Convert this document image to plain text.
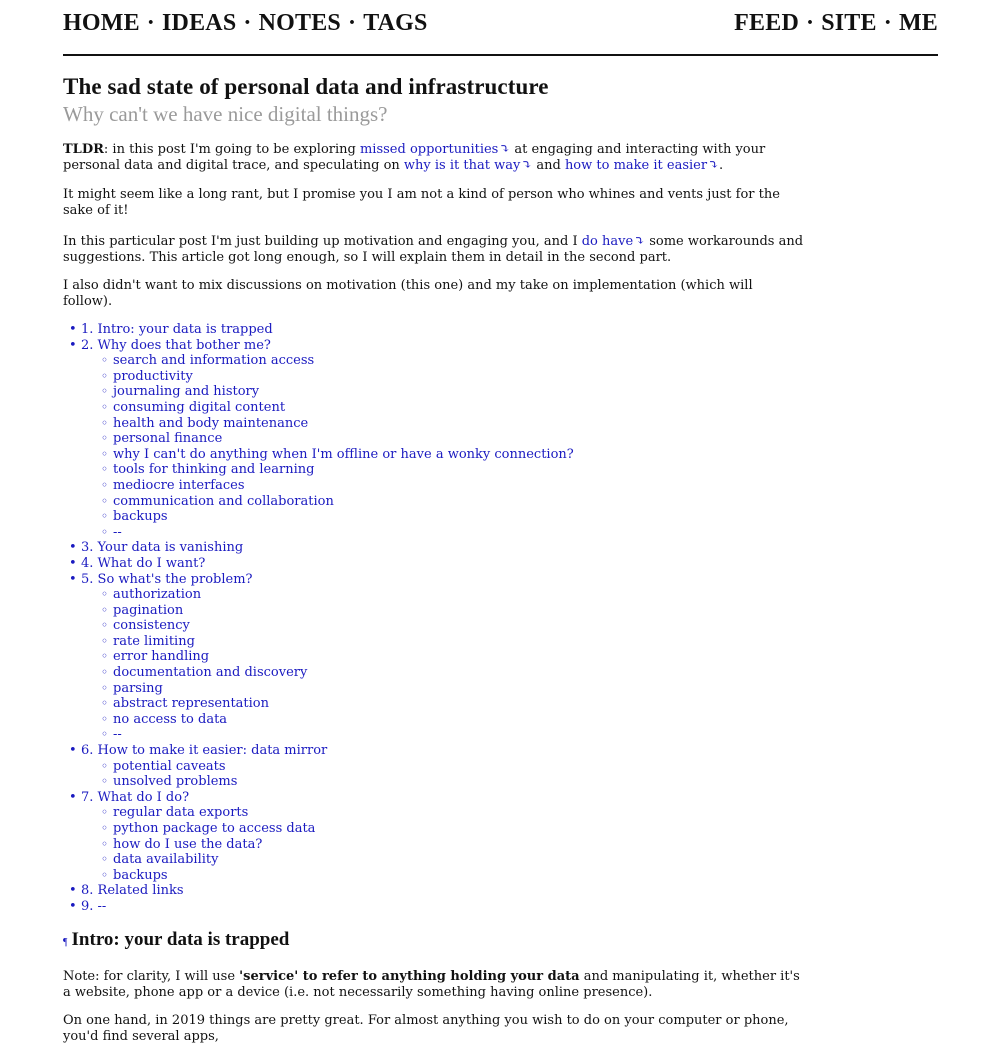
HOME · IDEAS · NOTES · TAGS	FEED · SITE · ME
The sad state of personal data and infrastructure
Why can't we have nice digital things?

TLDR: in this post I'm going to be exploring missed opportunities⤵ at engaging and interacting with your personal data and digital trace, and speculating on why is it that way⤵ and how to make it easier⤵.

It might seem like a long rant, but I promise you I am not a kind of person who whines and vents just for the sake of it!

In this particular post I'm just building up motivation and engaging you, and I do have⤵ some workarounds and suggestions. This article got long enough, so I will explain them in detail in the second part.

I also didn't want to mix discussions on motivation (this one) and my take on implementation (which will follow).

• 1. Intro: your data is trapped
• 2. Why does that bother me?
◦ search and information access
◦ productivity
◦ journaling and history
◦ consuming digital content
◦ health and body maintenance
◦ personal finance
◦ why I can't do anything when I'm offline or have a wonky connection?
◦ tools for thinking and learning
◦ mediocre interfaces
◦ communication and collaboration
◦ backups
◦ --
• 3. Your data is vanishing
• 4. What do I want?
• 5. So what's the problem?
◦ authorization
◦ pagination
◦ consistency
◦ rate limiting
◦ error handling
◦ documentation and discovery
◦ parsing
◦ abstract representation
◦ no access to data
◦ --
• 6. How to make it easier: data mirror
◦ potential caveats
◦ unsolved problems
• 7. What do I do?
◦ regular data exports
◦ python package to access data
◦ how do I use the data?
◦ data availability
◦ backups
• 8. Related links
• 9. --
¶ Intro: your data is trapped

Note: for clarity, I will use 'service' to refer to anything holding your data and manipulating it, whether it's a website, phone app or a device (i.e. not necessarily something having online presence).

On one hand, in 2019 things are pretty great. For almost anything you wish to do on your computer or phone, you'd find several apps,
